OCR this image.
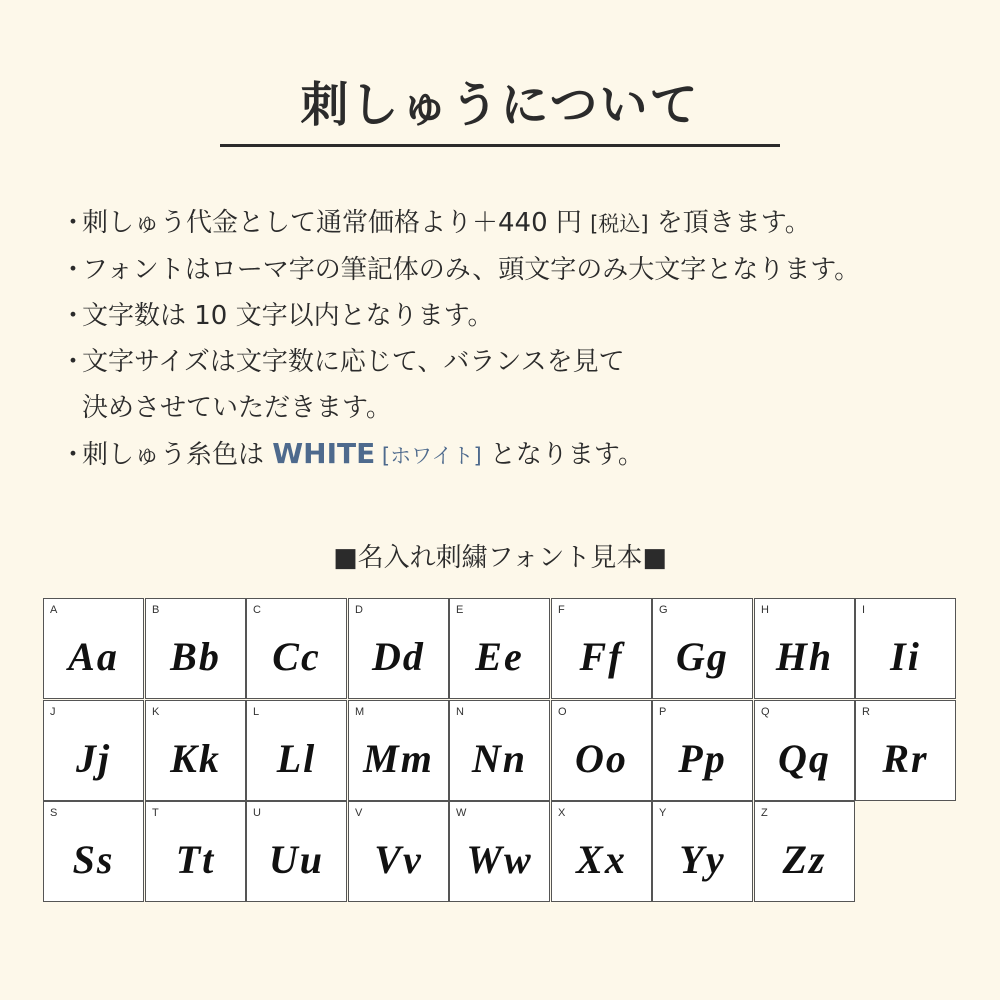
刺しゅうについて
・刺しゅう代金として通常価格より＋440 円 [税込] を頂きます。
・フォントはローマ字の筆記体のみ、頭文字のみ大文字となります。
・文字数は 10 文字以内となります。
・文字サイズは文字数に応じて、バランスを見て
決めさせていただきます。
・刺しゅう糸色は WHITE [ホワイト] となります。
■名入れ刺繍フォント見本■
A
Aa
B
Bb
C
Cc
D
Dd
E
Ee
F
Ff
G
Gg
H
Hh
I
Ii
J
Jj
K
Kk
L
Ll
M
Mm
N
Nn
O
Oo
P
Pp
Q
Qq
R
Rr
S
Ss
T
Tt
U
Uu
V
Vv
W
Ww
X
Xx
Y
Yy
Z
Zz
